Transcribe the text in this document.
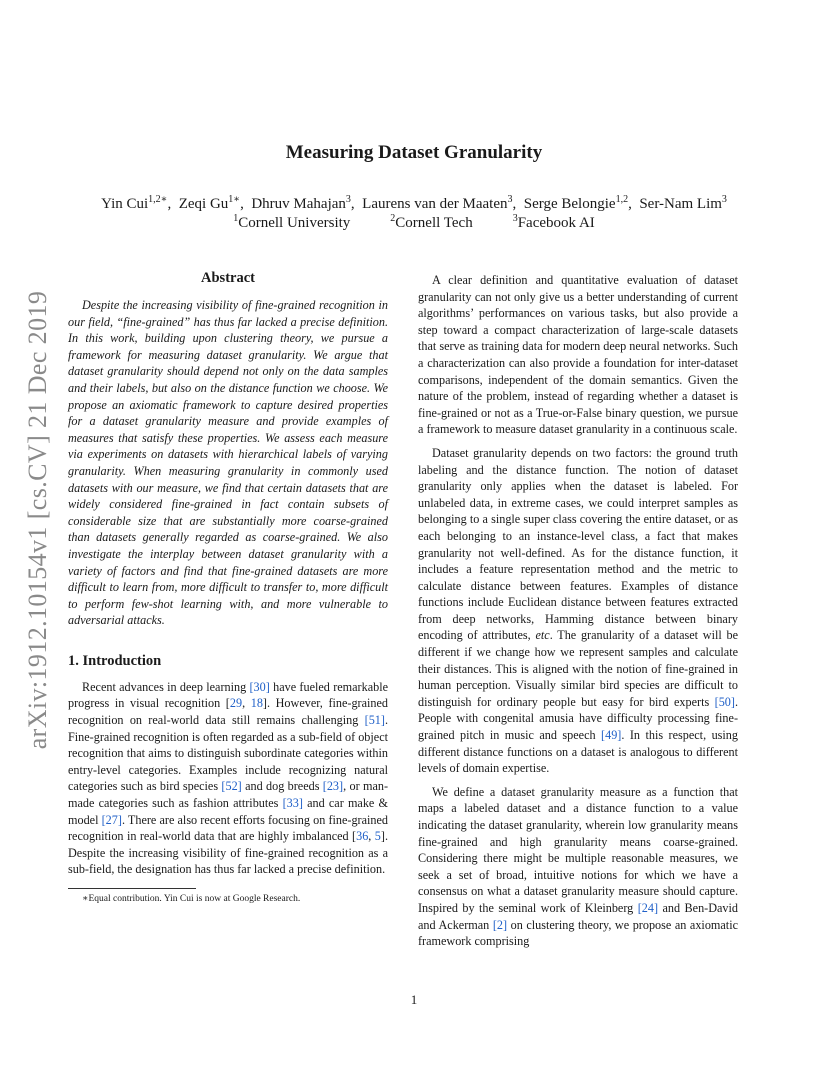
Measuring Dataset Granularity
Yin Cui$^{1,2∗}$, Zeqi $Gu^{1∗}$, Dhruv Mahajan$^3$, Laurens van der Maaten$^3$, Serge Belongie$^{1,2}$, Ser-Nam Lim$^3$
$^1$Cornell University	$^2$Cornell Tech	$^3$Facebook AI
arXiv:1912.10154v1 [cs.CV] 21 Dec 2019
Abstract

Despite the increasing visibility of fine-grained recognition in our field, “fine-grained” has thus far lacked a precise definition. In this work, building upon clustering theory, we pursue a framework for measuring dataset granularity. We argue that dataset granularity should depend not only on the data samples and their labels, but also on the distance function we choose. We propose an axiomatic framework to capture desired properties for a dataset granularity measure and provide examples of measures that satisfy these properties. We assess each measure via experiments on datasets with hierarchical labels of varying granularity. When measuring granularity in commonly used datasets with our measure, we find that certain datasets that are widely considered fine-grained in fact contain subsets of considerable size that are substantially more coarse-grained than datasets generally regarded as coarse-grained. We also investigate the interplay between dataset granularity with a variety of factors and find that fine-grained datasets are more difficult to learn from, more difficult to transfer to, more difficult to perform few-shot learning with, and more vulnerable to adversarial attacks.

1. Introduction

Recent advances in deep learning [30] have fueled remarkable progress in visual recognition [29, 18]. However, fine-grained recognition on real-world data still remains challenging [51]. Fine-grained recognition is often regarded as a sub-field of object recognition that aims to distinguish subordinate categories within entry-level categories. Examples include recognizing natural categories such as bird species [52] and dog breeds [23], or man-made categories such as fashion attributes [33] and car make & model [27]. There are also recent efforts focusing on fine-grained recognition in real-world data that are highly imbalanced [36, 5]. Despite the increasing visibility of fine-grained recognition as a sub-field, the designation has thus far lacked a precise definition.

∗Equal contribution. Yin Cui is now at Google Research.

A clear definition and quantitative evaluation of dataset granularity can not only give us a better understanding of current algorithms’ performances on various tasks, but also provide a step toward a compact characterization of large-scale datasets that serve as training data for modern deep neural networks. Such a characterization can also provide a foundation for inter-dataset comparisons, independent of the domain semantics. Given the nature of the problem, instead of regarding whether a dataset is fine-grained or not as a True-or-False binary question, we pursue a framework to measure dataset granularity in a continuous scale.

Dataset granularity depends on two factors: the ground truth labeling and the distance function. The notion of dataset granularity only applies when the dataset is labeled. For unlabeled data, in extreme cases, we could interpret samples as belonging to a single super class covering the entire dataset, or as each belonging to an instance-level class, a fact that makes granularity not well-defined. As for the distance function, it includes a feature representation method and the metric to calculate distance between features. Examples of distance functions include Euclidean distance between features extracted from deep networks, Hamming distance between binary encoding of attributes, etc. The granularity of a dataset will be different if we change how we represent samples and calculate their distances. This is aligned with the notion of fine-grained in human perception. Visually similar bird species are difficult to distinguish for ordinary people but easy for bird experts [50]. People with congenital amusia have difficulty processing fine-grained pitch in music and speech [49]. In this respect, using different distance functions on a dataset is analogous to different levels of domain expertise.

We define a dataset granularity measure as a function that maps a labeled dataset and a distance function to a value indicating the dataset granularity, wherein low granularity means fine-grained and high granularity means coarse-grained. Considering there might be multiple reasonable measures, we seek a set of broad, intuitive notions for which we have a consensus on what a dataset granularity measure should capture. Inspired by the seminal work of Kleinberg [24] and Ben-David and Ackerman [2] on clustering theory, we propose an axiomatic framework comprising

1
